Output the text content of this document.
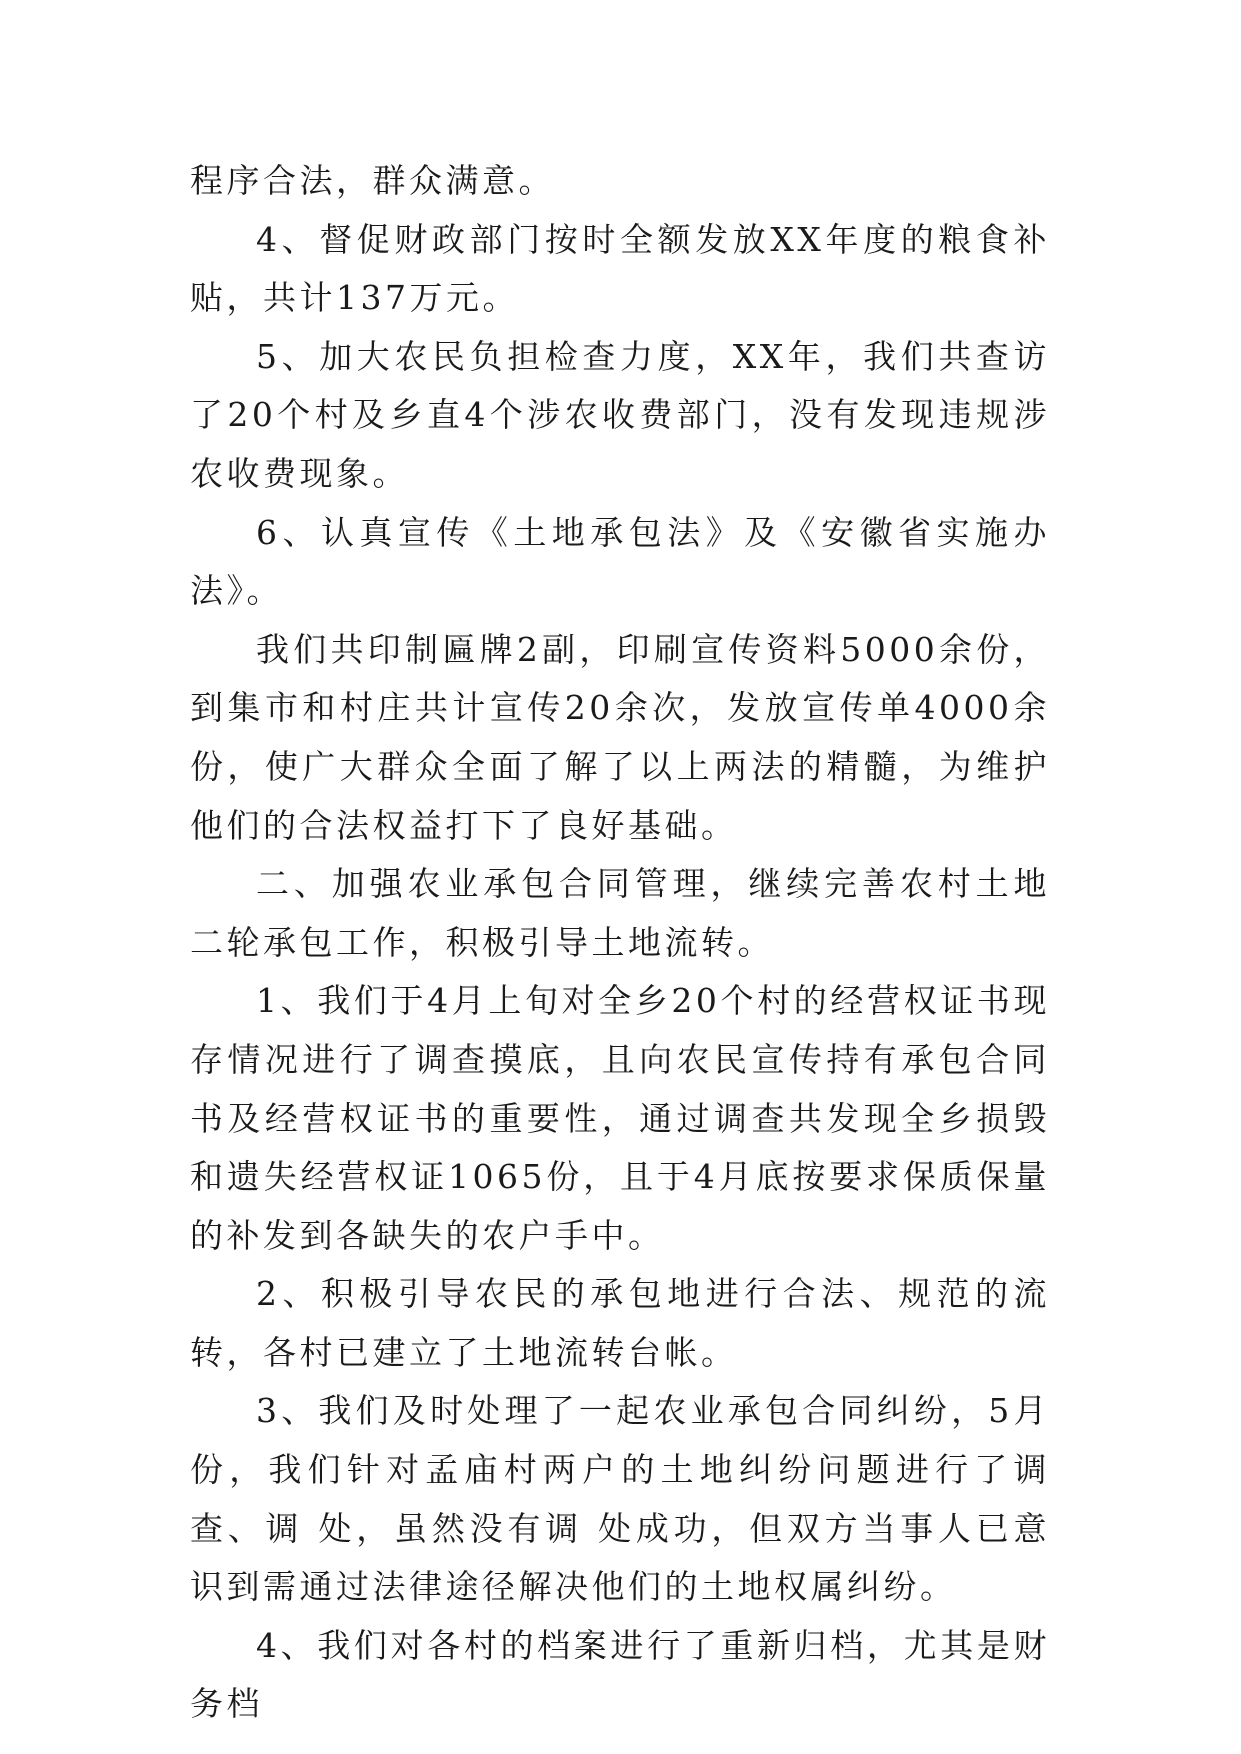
程序合法，群众满意。

4、督促财政部门按时全额发放XX年度的粮食补贴，共计137万元。

5、加大农民负担检查力度，XX年，我们共查访了20个村及乡直4个涉农收费部门，没有发现违规涉农收费现象。

6、认真宣传《土地承包法》及《安徽省实施办法》。

我们共印制匾牌2副，印刷宣传资料5000余份，到集市和村庄共计宣传20余次，发放宣传单4000余份，使广大群众全面了解了以上两法的精髓，为维护他们的合法权益打下了良好基础。

二、加强农业承包合同管理，继续完善农村土地二轮承包工作，积极引导土地流转。

1、我们于4月上旬对全乡20个村的经营权证书现存情况进行了调查摸底，且向农民宣传持有承包合同书及经营权证书的重要性，通过调查共发现全乡损毁和遗失经营权证1065份，且于4月底按要求保质保量的补发到各缺失的农户手中。

2、积极引导农民的承包地进行合法、规范的流转，各村已建立了土地流转台帐。

3、我们及时处理了一起农业承包合同纠纷，5月份，我们针对孟庙村两户的土地纠纷问题进行了调查、调 处，虽然没有调 处成功，但双方当事人已意识到需通过法律途径解决他们的土地权属纠纷。

4、我们对各村的档案进行了重新归档，尤其是财务档
